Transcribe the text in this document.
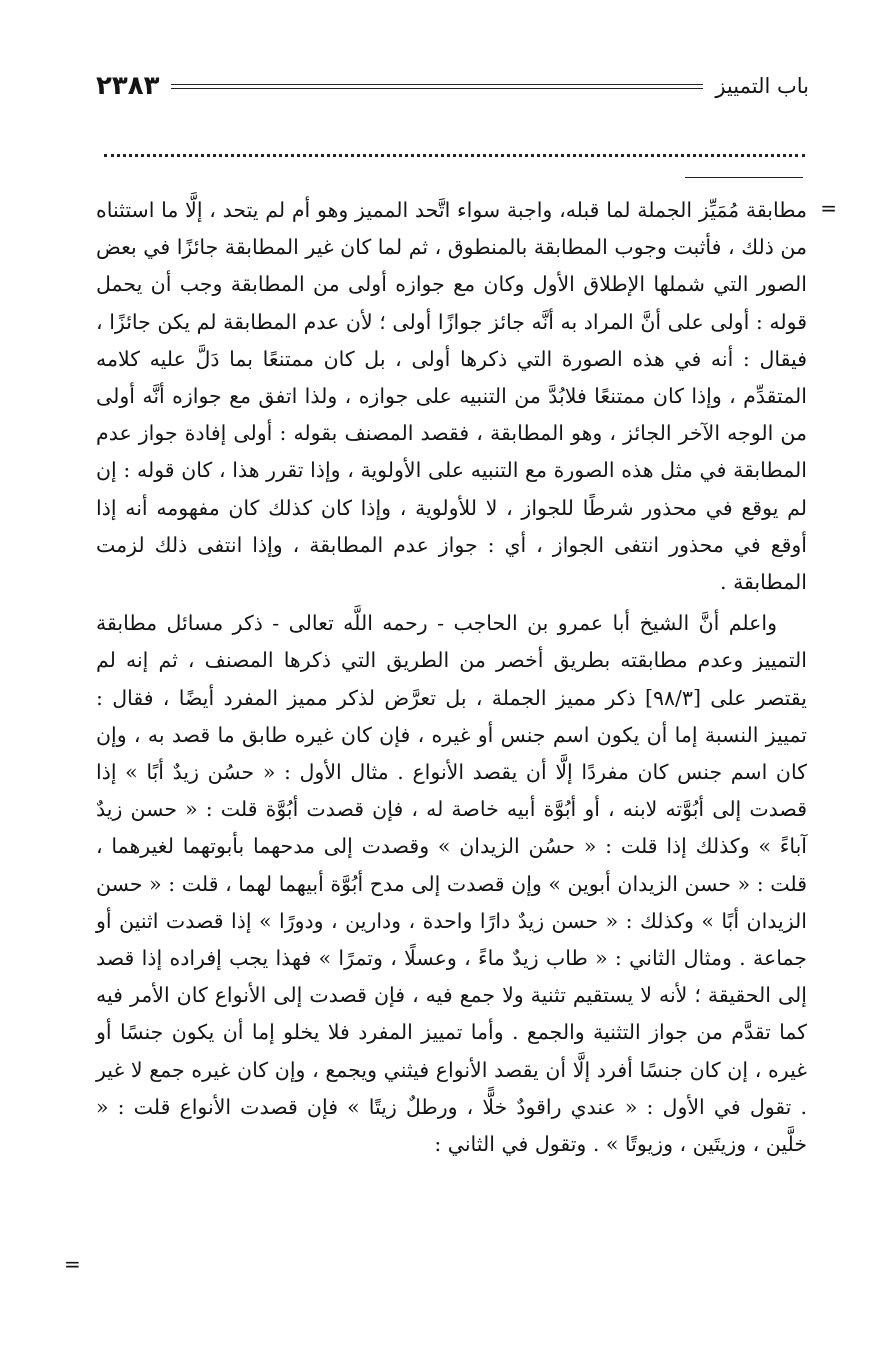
باب التمييز
٢٣٨٣
=

مطابقة مُمَيِّز الجملة لما قبله، واجبة سواء اتَّحد المميز وهو أم لم يتحد ، إلَّا ما استثناه من ذلك ، فأثبت وجوب المطابقة بالمنطوق ، ثم لما كان غير المطابقة جائزًا في بعض الصور التي شملها الإطلاق الأول وكان مع جوازه أولى من المطابقة وجب أن يحمل قوله : أولى على أنَّ المراد به أنَّه جائز جوازًا أولى ؛ لأن عدم المطابقة لم يكن جائزًا ، فيقال : أنه في هذه الصورة التي ذكرها أولى ، بل كان ممتنعًا بما دَلَّ عليه كلامه المتقدِّم ، وإذا كان ممتنعًا فلابُدَّ من التنبيه على جوازه ، ولذا اتفق مع جوازه أنَّه أولى من الوجه الآخر الجائز ، وهو المطابقة ، فقصد المصنف بقوله : أولى إفادة جواز عدم المطابقة في مثل هذه الصورة مع التنبيه على الأولوية ، وإذا تقرر هذا ، كان قوله : إن لم يوقع في محذور شرطًا للجواز ، لا للأولوية ، وإذا كان كذلك كان مفهومه أنه إذا أوقع في محذور انتفى الجواز ، أي : جواز عدم المطابقة ، وإذا انتفى ذلك لزمت المطابقة .

واعلم أنَّ الشيخ أبا عمرو بن الحاجب - رحمه اللَّه تعالى - ذكر مسائل مطابقة التمييز وعدم مطابقته بطريق أخصر من الطريق التي ذكرها المصنف ، ثم إنه لم يقتصر على [٩٨/٣] ذكر مميز الجملة ، بل تعرَّض لذكر مميز المفرد أيضًا ، فقال : تمييز النسبة إما أن يكون اسم جنس أو غيره ، فإن كان غيره طابق ما قصد به ، وإن كان اسم جنس كان مفردًا إلَّا أن يقصد الأنواع . مثال الأول : « حسُن زيدٌ أبًا » إذا قصدت إلى أبُوَّته لابنه ، أو أبُوَّة أبيه خاصة له ، فإن قصدت أبُوَّة قلت : « حسن زيدٌ آباءً » وكذلك إذا قلت : « حسُن الزيدان » وقصدت إلى مدحهما بأبوتهما لغيرهما ، قلت : « حسن الزيدان أبوين » وإن قصدت إلى مدح أبُوَّة أبيهما لهما ، قلت : « حسن الزيدان أبًا » وكذلك : « حسن زيدٌ دارًا واحدة ، ودارين ، ودورًا » إذا قصدت اثنين أو جماعة . ومثال الثاني : « طاب زيدٌ ماءً ، وعسلًا ، وتمرًا » فهذا يجب إفراده إذا قصد إلى الحقيقة ؛ لأنه لا يستقيم تثنية ولا جمع فيه ، فإن قصدت إلى الأنواع كان الأمر فيه كما تقدَّم من جواز التثنية والجمع . وأما تمييز المفرد فلا يخلو إما أن يكون جنسًا أو غيره ، إن كان جنسًا أفرد إلَّا أن يقصد الأنواع فيثني ويجمع ، وإن كان غيره جمع لا غير . تقول في الأول : « عندي راقودٌ خلًّا ، ورطلٌ زيتًا » فإن قصدت الأنواع قلت : « خلَّين ، وزيتَين ، وزيوتًا » . وتقول في الثاني :

=
